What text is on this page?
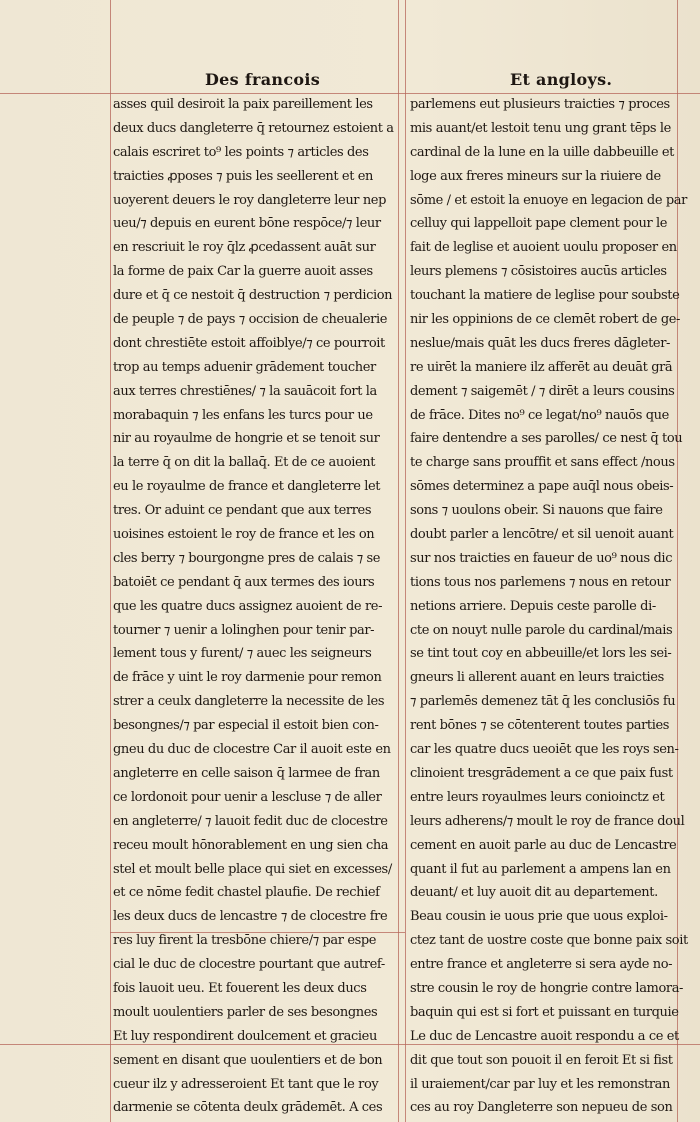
Des francois	Et angloys.
asses quil desiroit la paix pareillement les
deux ducs dangleterre q̄ retournez estoient a
calais escriret to⁹ les points ⁊ articles des
traicties ꝓposes ⁊ puis les seellerent et en
uoyerent deuers le roy dangleterre leur nep
ueu/⁊ depuis en eurent bōne respōce/⁊ leur
en rescriuit le roy q̄lz ꝓcedassent auāt sur
la forme de paix Car la guerre auoit asses
dure et q̄ ce nestoit q̄ destruction ⁊ perdicion
de peuple ⁊ de pays ⁊ occision de cheualerie
dont chrestiēte estoit affoiblye/⁊ ce pourroit
trop au temps aduenir grādement toucher
aux terres chrestiēnes/ ⁊ la sauācoit fort la
morabaquin ⁊ les enfans les turcs pour ue
nir au royaulme de hongrie et se tenoit sur
la terre q̄ on dit la ballaq̄. Et de ce auoient
eu le royaulme de france et dangleterre let
tres. Or aduint ce pendant que aux terres
uoisines estoient le roy de france et les on
cles berry ⁊ bourgongne pres de calais ⁊ se
batoiēt ce pendant q̄ aux termes des iours
que les quatre ducs assignez auoient de re-
tourner ⁊ uenir a lolinghen pour tenir par-
lement tous y furent/ ⁊ auec les seigneurs
de frāce y uint le roy darmenie pour remon
strer a ceulx dangleterre la necessite de les
besongnes/⁊ par especial il estoit bien con-
gneu du duc de clocestre Car il auoit este en
angleterre en celle saison q̄ larmee de fran
ce lordonoit pour uenir a lescluse ⁊ de aller
en angleterre/ ⁊ lauoit fedit duc de clocestre
receu moult hōnorablement en ung sien cha
stel et moult belle place qui siet en excesses/
et ce nōme fedit chastel plaufie. De rechief
les deux ducs de lencastre ⁊ de clocestre fre
res luy firent la tresbōne chiere/⁊ par espe
cial le duc de clocestre pourtant que autref-
fois lauoit ueu. Et fouerent les deux ducs
moult uoulentiers parler de ses besongnes
Et luy respondirent doulcement et gracieu
sement en disant que uoulentiers et de bon
cueur ilz y adresseroient Et tant que le roy
darmenie se cōtenta deulx grādemēt. A ces
parlemens eut plusieurs traicties ⁊ proces
mis auant/et lestoit tenu ung grant tēps le
cardinal de la lune en la uille dabbeuille et
loge aux freres mineurs sur la riuiere de
sōme / et estoit la enuoye en legacion de par
celluy qui lappelloit pape clement pour le
fait de leglise et auoient uoulu proposer en
leurs plemens ⁊ cōsistoires aucūs articles
touchant la matiere de leglise pour soubste
nir les oppinions de ce clemēt robert de ge-
neslue/mais quāt les ducs freres dāgleter-
re uirēt la maniere ilz afferēt au deuāt grā
dement ⁊ saigemēt / ⁊ dirēt a leurs cousins
de frāce. Dites no⁹ ce legat/no⁹ nauōs que
faire dentendre a ses parolles/ ce nest q̄ tou
te charge sans prouffit et sans effect /nous
sōmes determinez a pape auq̄l nous obeis-
sons ⁊ uoulons obeir. Si nauons que faire
doubt parler a lencōtre/ et sil uenoit auant
sur nos traicties en faueur de uo⁹ nous dic
tions tous nos parlemens ⁊ nous en retour
netions arriere. Depuis ceste parolle di-
cte on nouyt nulle parole du cardinal/mais
se tint tout coy en abbeuille/et lors les sei-
gneurs li allerent auant en leurs traicties
⁊ parlemēs demenez tāt q̄ les conclusiōs fu
rent bōnes ⁊ se cōtenterent toutes parties
car les quatre ducs ueoiēt que les roys sen-
clinoient tresgrādement a ce que paix fust
entre leurs royaulmes leurs conioinctz et
leurs adherens/⁊ moult le roy de france doul
cement en auoit parle au duc de Lencastre
quant il fut au parlement a ampens lan en
deuant/ et luy auoit dit au departement.
Beau cousin ie uous prie que uous exploi-
ctez tant de uostre coste que bonne paix soit
entre france et angleterre si sera ayde no-
stre cousin le roy de hongrie contre lamora-
baquin qui est si fort et puissant en turquie
Le duc de Lencastre auoit respondu a ce et
dit que tout son pouoit il en feroit Et si fist
il uraiement/car par luy et les remonstran
ces au roy Dangleterre son nepueu de son
